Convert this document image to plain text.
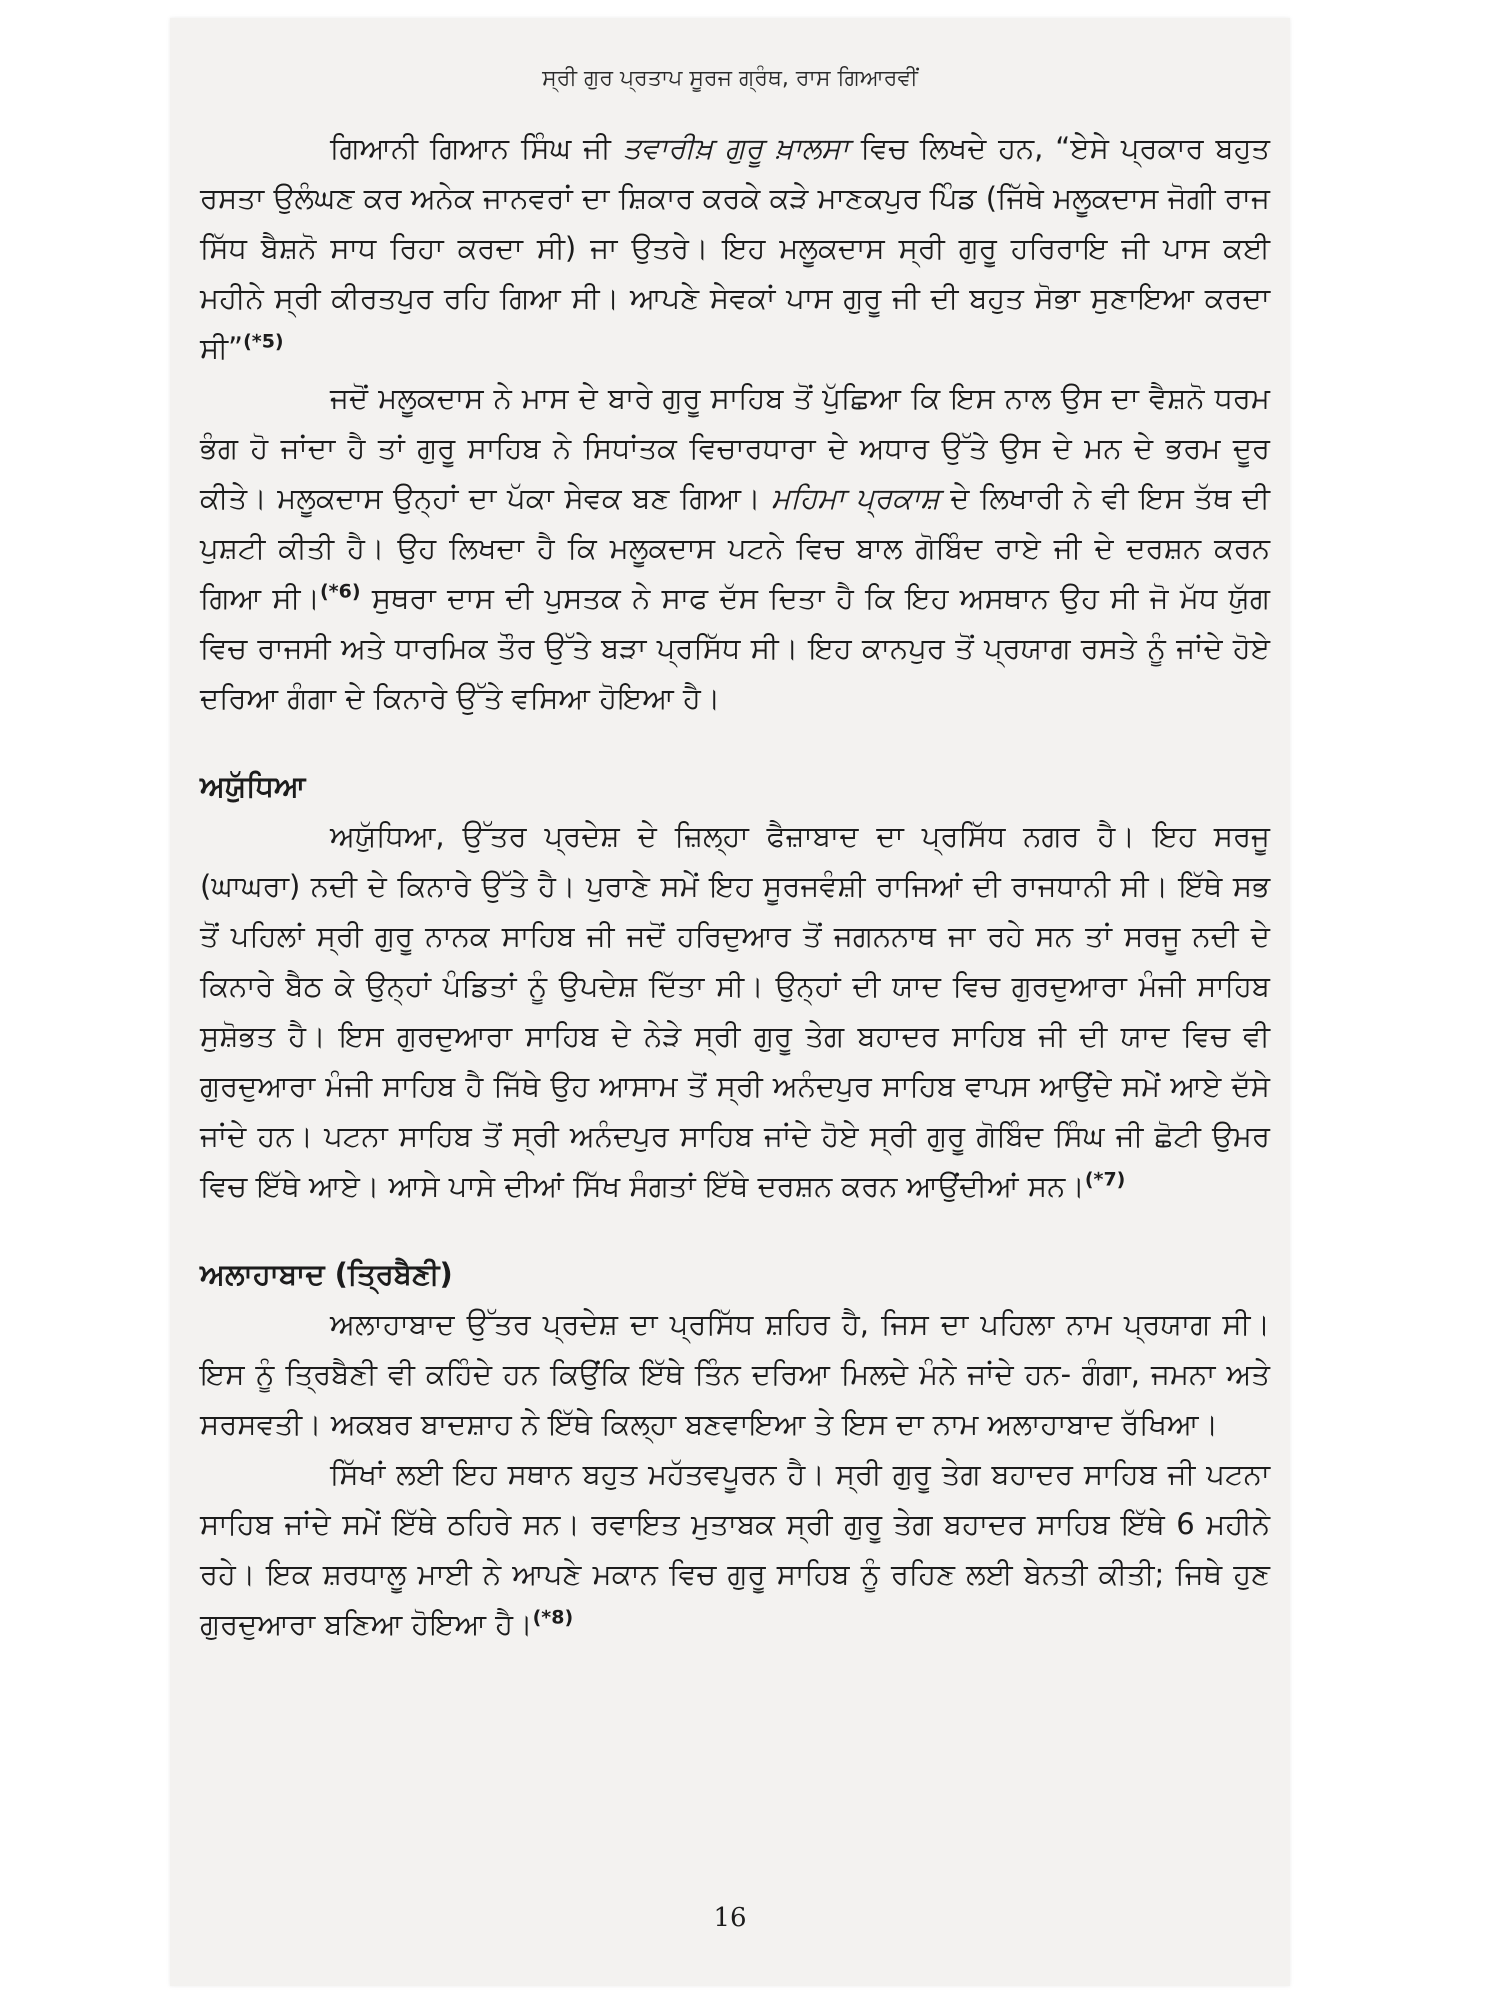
ਸ੍ਰੀ ਗੁਰ ਪ੍ਰਤਾਪ ਸੂਰਜ ਗ੍ਰੰਥ, ਰਾਸ ਗਿਆਰਵੀਂ

ਗਿਆਨੀ ਗਿਆਨ ਸਿੰਘ ਜੀ ਤਵਾਰੀਖ਼ ਗੁਰੂ ਖ਼ਾਲਸਾ ਵਿਚ ਲਿਖਦੇ ਹਨ, “ਏਸੇ ਪ੍ਰਕਾਰ ਬਹੁਤ ਰਸਤਾ ਉਲੰਘਣ ਕਰ ਅਨੇਕ ਜਾਨਵਰਾਂ ਦਾ ਸ਼ਿਕਾਰ ਕਰਕੇ ਕੜੇ ਮਾਣਕਪੁਰ ਪਿੰਡ (ਜਿੱਥੇ ਮਲੂਕਦਾਸ ਜੋਗੀ ਰਾਜ ਸਿੱਧ ਬੈਸ਼ਨੋ ਸਾਧ ਰਿਹਾ ਕਰਦਾ ਸੀ) ਜਾ ਉਤਰੇ। ਇਹ ਮਲੂਕਦਾਸ ਸ੍ਰੀ ਗੁਰੂ ਹਰਿਰਾਇ ਜੀ ਪਾਸ ਕਈ ਮਹੀਨੇ ਸ੍ਰੀ ਕੀਰਤਪੁਰ ਰਹਿ ਗਿਆ ਸੀ। ਆਪਣੇ ਸੇਵਕਾਂ ਪਾਸ ਗੁਰੂ ਜੀ ਦੀ ਬਹੁਤ ਸੋਭਾ ਸੁਣਾਇਆ ਕਰਦਾ ਸੀ”$^{(*5)}$

ਜਦੋਂ ਮਲੂਕਦਾਸ ਨੇ ਮਾਸ ਦੇ ਬਾਰੇ ਗੁਰੂ ਸਾਹਿਬ ਤੋਂ ਪੁੱਛਿਆ ਕਿ ਇਸ ਨਾਲ ਉਸ ਦਾ ਵੈਸ਼ਨੋ ਧਰਮ ਭੰਗ ਹੋ ਜਾਂਦਾ ਹੈ ਤਾਂ ਗੁਰੂ ਸਾਹਿਬ ਨੇ ਸਿਧਾਂਤਕ ਵਿਚਾਰਧਾਰਾ ਦੇ ਅਧਾਰ ਉੱਤੇ ਉਸ ਦੇ ਮਨ ਦੇ ਭਰਮ ਦੂਰ ਕੀਤੇ। ਮਲੂਕਦਾਸ ਉਨ੍ਹਾਂ ਦਾ ਪੱਕਾ ਸੇਵਕ ਬਣ ਗਿਆ। ਮਹਿਮਾ ਪ੍ਰਕਾਸ਼ ਦੇ ਲਿਖਾਰੀ ਨੇ ਵੀ ਇਸ ਤੱਥ ਦੀ ਪੁਸ਼ਟੀ ਕੀਤੀ ਹੈ। ਉਹ ਲਿਖਦਾ ਹੈ ਕਿ ਮਲੂਕਦਾਸ ਪਟਨੇ ਵਿਚ ਬਾਲ ਗੋਬਿੰਦ ਰਾਏ ਜੀ ਦੇ ਦਰਸ਼ਨ ਕਰਨ ਗਿਆ ਸੀ।$^{(*6)}$ ਸੁਥਰਾ ਦਾਸ ਦੀ ਪੁਸਤਕ ਨੇ ਸਾਫ ਦੱਸ ਦਿਤਾ ਹੈ ਕਿ ਇਹ ਅਸਥਾਨ ਉਹ ਸੀ ਜੋ ਮੱਧ ਯੁੱਗ ਵਿਚ ਰਾਜਸੀ ਅਤੇ ਧਾਰਮਿਕ ਤੌਰ ਉੱਤੇ ਬੜਾ ਪ੍ਰਸਿੱਧ ਸੀ। ਇਹ ਕਾਨਪੁਰ ਤੋਂ ਪ੍ਰਯਾਗ ਰਸਤੇ ਨੂੰ ਜਾਂਦੇ ਹੋਏ ਦਰਿਆ ਗੰਗਾ ਦੇ ਕਿਨਾਰੇ ਉੱਤੇ ਵਸਿਆ ਹੋਇਆ ਹੈ।

ਅਯੁੱਧਿਆ

ਅਯੁੱਧਿਆ, ਉੱਤਰ ਪ੍ਰਦੇਸ਼ ਦੇ ਜ਼ਿਲ੍ਹਾ ਫੈਜ਼ਾਬਾਦ ਦਾ ਪ੍ਰਸਿੱਧ ਨਗਰ ਹੈ। ਇਹ ਸਰਜੂ (ਘਾਘਰਾ) ਨਦੀ ਦੇ ਕਿਨਾਰੇ ਉੱਤੇ ਹੈ। ਪੁਰਾਣੇ ਸਮੇਂ ਇਹ ਸੂਰਜਵੰਸ਼ੀ ਰਾਜਿਆਂ ਦੀ ਰਾਜਧਾਨੀ ਸੀ। ਇੱਥੇ ਸਭ ਤੋਂ ਪਹਿਲਾਂ ਸ੍ਰੀ ਗੁਰੂ ਨਾਨਕ ਸਾਹਿਬ ਜੀ ਜਦੋਂ ਹਰਿਦੁਆਰ ਤੋਂ ਜਗਨਨਾਥ ਜਾ ਰਹੇ ਸਨ ਤਾਂ ਸਰਜੂ ਨਦੀ ਦੇ ਕਿਨਾਰੇ ਬੈਠ ਕੇ ਉਨ੍ਹਾਂ ਪੰਡਿਤਾਂ ਨੂੰ ਉਪਦੇਸ਼ ਦਿੱਤਾ ਸੀ। ਉਨ੍ਹਾਂ ਦੀ ਯਾਦ ਵਿਚ ਗੁਰਦੁਆਰਾ ਮੰਜੀ ਸਾਹਿਬ ਸੁਸ਼ੋਭਤ ਹੈ। ਇਸ ਗੁਰਦੁਆਰਾ ਸਾਹਿਬ ਦੇ ਨੇੜੇ ਸ੍ਰੀ ਗੁਰੂ ਤੇਗ ਬਹਾਦਰ ਸਾਹਿਬ ਜੀ ਦੀ ਯਾਦ ਵਿਚ ਵੀ ਗੁਰਦੁਆਰਾ ਮੰਜੀ ਸਾਹਿਬ ਹੈ ਜਿੱਥੇ ਉਹ ਆਸਾਮ ਤੋਂ ਸ੍ਰੀ ਅਨੰਦਪੁਰ ਸਾਹਿਬ ਵਾਪਸ ਆਉਂਦੇ ਸਮੇਂ ਆਏ ਦੱਸੇ ਜਾਂਦੇ ਹਨ। ਪਟਨਾ ਸਾਹਿਬ ਤੋਂ ਸ੍ਰੀ ਅਨੰਦਪੁਰ ਸਾਹਿਬ ਜਾਂਦੇ ਹੋਏ ਸ੍ਰੀ ਗੁਰੂ ਗੋਬਿੰਦ ਸਿੰਘ ਜੀ ਛੋਟੀ ਉਮਰ ਵਿਚ ਇੱਥੇ ਆਏ। ਆਸੇ ਪਾਸੇ ਦੀਆਂ ਸਿੱਖ ਸੰਗਤਾਂ ਇੱਥੇ ਦਰਸ਼ਨ ਕਰਨ ਆਉਂਦੀਆਂ ਸਨ।$^{(*7)}$

ਅਲਾਹਾਬਾਦ (ਤ੍ਰਿਬੈਣੀ)

ਅਲਾਹਾਬਾਦ ਉੱਤਰ ਪ੍ਰਦੇਸ਼ ਦਾ ਪ੍ਰਸਿੱਧ ਸ਼ਹਿਰ ਹੈ, ਜਿਸ ਦਾ ਪਹਿਲਾ ਨਾਮ ਪ੍ਰਯਾਗ ਸੀ। ਇਸ ਨੂੰ ਤ੍ਰਿਬੈਣੀ ਵੀ ਕਹਿੰਦੇ ਹਨ ਕਿਉਂਕਿ ਇੱਥੇ ਤਿੰਨ ਦਰਿਆ ਮਿਲਦੇ ਮੰਨੇ ਜਾਂਦੇ ਹਨ- ਗੰਗਾ, ਜਮਨਾ ਅਤੇ ਸਰਸਵਤੀ। ਅਕਬਰ ਬਾਦਸ਼ਾਹ ਨੇ ਇੱਥੇ ਕਿਲ੍ਹਾ ਬਣਵਾਇਆ ਤੇ ਇਸ ਦਾ ਨਾਮ ਅਲਾਹਾਬਾਦ ਰੱਖਿਆ।

ਸਿੱਖਾਂ ਲਈ ਇਹ ਸਥਾਨ ਬਹੁਤ ਮਹੱਤਵਪੂਰਨ ਹੈ। ਸ੍ਰੀ ਗੁਰੂ ਤੇਗ ਬਹਾਦਰ ਸਾਹਿਬ ਜੀ ਪਟਨਾ ਸਾਹਿਬ ਜਾਂਦੇ ਸਮੇਂ ਇੱਥੇ ਠਹਿਰੇ ਸਨ। ਰਵਾਇਤ ਮੁਤਾਬਕ ਸ੍ਰੀ ਗੁਰੂ ਤੇਗ ਬਹਾਦਰ ਸਾਹਿਬ ਇੱਥੇ 6 ਮਹੀਨੇ ਰਹੇ। ਇਕ ਸ਼ਰਧਾਲੂ ਮਾਈ ਨੇ ਆਪਣੇ ਮਕਾਨ ਵਿਚ ਗੁਰੂ ਸਾਹਿਬ ਨੂੰ ਰਹਿਣ ਲਈ ਬੇਨਤੀ ਕੀਤੀ; ਜਿਥੇ ਹੁਣ ਗੁਰਦੁਆਰਾ ਬਣਿਆ ਹੋਇਆ ਹੈ।$^{(*8)}$

16
